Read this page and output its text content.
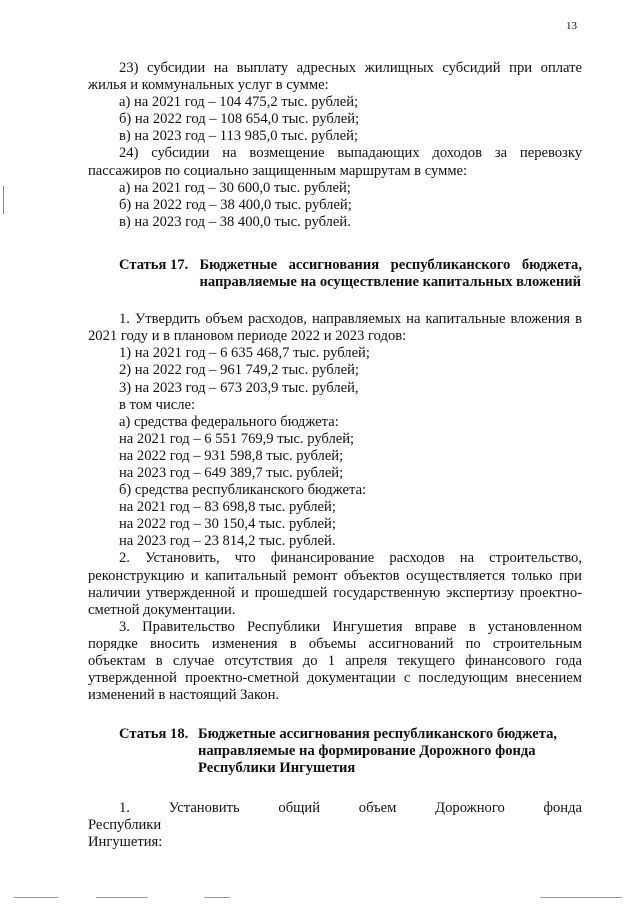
13

23) субсидии на выплату адресных жилищных субсидий при оплате жилья и коммунальных услуг в сумме:

а) на 2021 год – 104 475,2 тыс. рублей;

б) на 2022 год – 108 654,0 тыс. рублей;

в) на 2023 год – 113 985,0 тыс. рублей;

24) субсидии на возмещение выпадающих доходов за перевозку пассажиров по социально защищенным маршрутам в сумме:

а) на 2021 год – 30 600,0 тыс. рублей;

б) на 2022 год – 38 400,0 тыс. рублей;

в) на 2023 год – 38 400,0 тыс. рублей.

Статья 17. Бюджетные ассигнования республиканского бюджета, направляемые на осуществление капитальных вложений

1. Утвердить объем расходов, направляемых на капитальные вложения в 2021 году и в плановом периоде 2022 и 2023 годов:

1) на 2021 год – 6 635 468,7 тыс. рублей;

2) на 2022 год – 961 749,2 тыс. рублей;

3) на 2023 год – 673 203,9 тыс. рублей,

в том числе:

а) средства федерального бюджета:

на 2021 год – 6 551 769,9 тыс. рублей;

на 2022 год – 931 598,8 тыс. рублей;

на 2023 год – 649 389,7 тыс. рублей;

б) средства республиканского бюджета:

на 2021 год – 83 698,8 тыс. рублей;

на 2022 год – 30 150,4 тыс. рублей;

на 2023 год – 23 814,2 тыс. рублей.

2. Установить, что финансирование расходов на строительство, реконструкцию и капитальный ремонт объектов осуществляется только при наличии утвержденной и прошедшей государственную экспертизу проектно-сметной документации.

3. Правительство Республики Ингушетия вправе в установленном порядке вносить изменения в объемы ассигнований по строительным объектам в случае отсутствия до 1 апреля текущего финансового года утвержденной проектно-сметной документации с последующим внесением изменений в настоящий Закон.

Статья 18. Бюджетные ассигнования республиканского бюджета,
направляемые на формирование Дорожного фонда
Республики Ингушетия

1. Установить общий объем Дорожного фонда Республики

Ингушетия:
